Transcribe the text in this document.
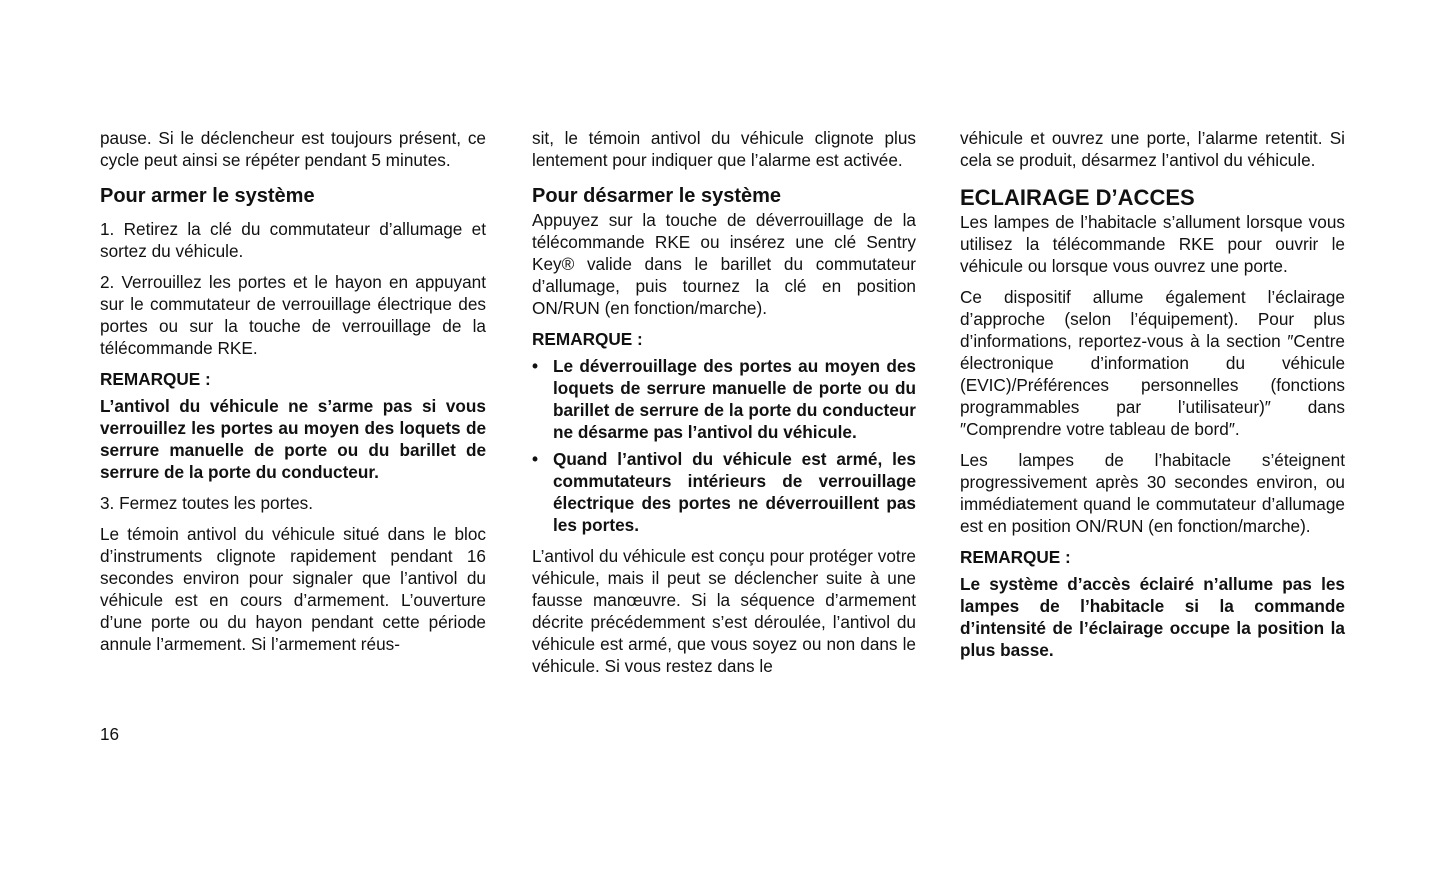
pause. Si le déclencheur est toujours présent, ce cycle peut ainsi se répéter pendant 5 minutes.

Pour armer le système

1. Retirez la clé du commutateur d’allumage et sortez du véhicule.

2. Verrouillez les portes et le hayon en appuyant sur le commutateur de verrouillage électrique des portes ou sur la touche de verrouillage de la télécommande RKE.

REMARQUE :

L’antivol du véhicule ne s’arme pas si vous verrouillez les portes au moyen des loquets de serrure manuelle de porte ou du barillet de serrure de la porte du conducteur.

3. Fermez toutes les portes.

Le témoin antivol du véhicule situé dans le bloc d’instruments clignote rapidement pendant 16 secondes environ pour signaler que l’antivol du véhicule est en cours d’armement. L’ouverture d’une porte ou du hayon pendant cette période annule l’armement. Si l’armement réus-

sit, le témoin antivol du véhicule clignote plus lentement pour indiquer que l’alarme est activée.

Pour désarmer le système

Appuyez sur la touche de déverrouillage de la télécommande RKE ou insérez une clé Sentry Key® valide dans le barillet du commutateur d’allumage, puis tournez la clé en position ON/RUN (en fonction/marche).

REMARQUE :
• Le déverrouillage des portes au moyen des loquets de serrure manuelle de porte ou du barillet de serrure de la porte du conducteur ne désarme pas l’antivol du véhicule.
• Quand l’antivol du véhicule est armé, les commutateurs intérieurs de verrouillage électrique des portes ne déverrouillent pas les portes.

L’antivol du véhicule est conçu pour protéger votre véhicule, mais il peut se déclencher suite à une fausse manœuvre. Si la séquence d’armement décrite précédemment s’est déroulée, l’antivol du véhicule est armé, que vous soyez ou non dans le véhicule. Si vous restez dans le

véhicule et ouvrez une porte, l’alarme retentit. Si cela se produit, désarmez l’antivol du véhicule.

ECLAIRAGE D’ACCES

Les lampes de l’habitacle s’allument lorsque vous utilisez la télécommande RKE pour ouvrir le véhicule ou lorsque vous ouvrez une porte.

Ce dispositif allume également l’éclairage d’approche (selon l’équipement). Pour plus d’informations, reportez-vous à la section ″Centre électronique d’information du véhicule (EVIC)/Préférences personnelles (fonctions programmables par l’utilisateur)″ dans ″Comprendre votre tableau de bord″.

Les lampes de l’habitacle s’éteignent progressivement après 30 secondes environ, ou immédiatement quand le commutateur d’allumage est en position ON/RUN (en fonction/marche).

REMARQUE :

Le système d’accès éclairé n’allume pas les lampes de l’habitacle si la commande d’intensité de l’éclairage occupe la position la plus basse.

16
